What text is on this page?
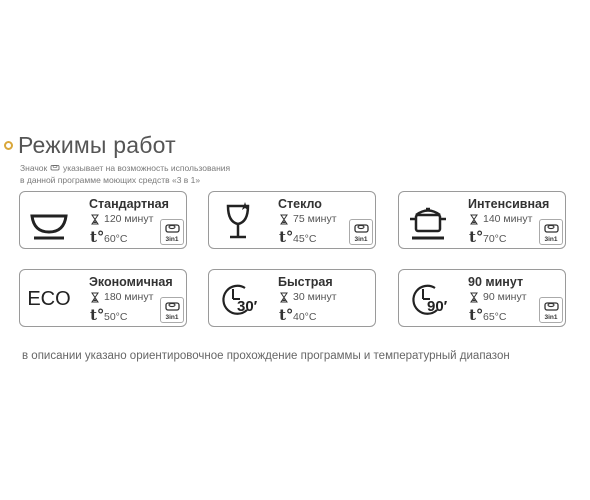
Режимы работ
Значок указывает на возможность использования
в данной программе моющих средств «3 в 1»
Стандартная
120 минут
t° 60°C	3in1
Стекло
75 минут
t° 45°C	3in1
Интенсивная
140 минут
t° 70°C	3in1
ECO
Экономичная
180 минут
t° 50°C	3in1
30′
Быстрая
30 минут
t° 40°C
90′
90 минут
90 минут
t° 65°C	3in1
в описании указано ориентировочное прохождение программы и температурный диапазон
